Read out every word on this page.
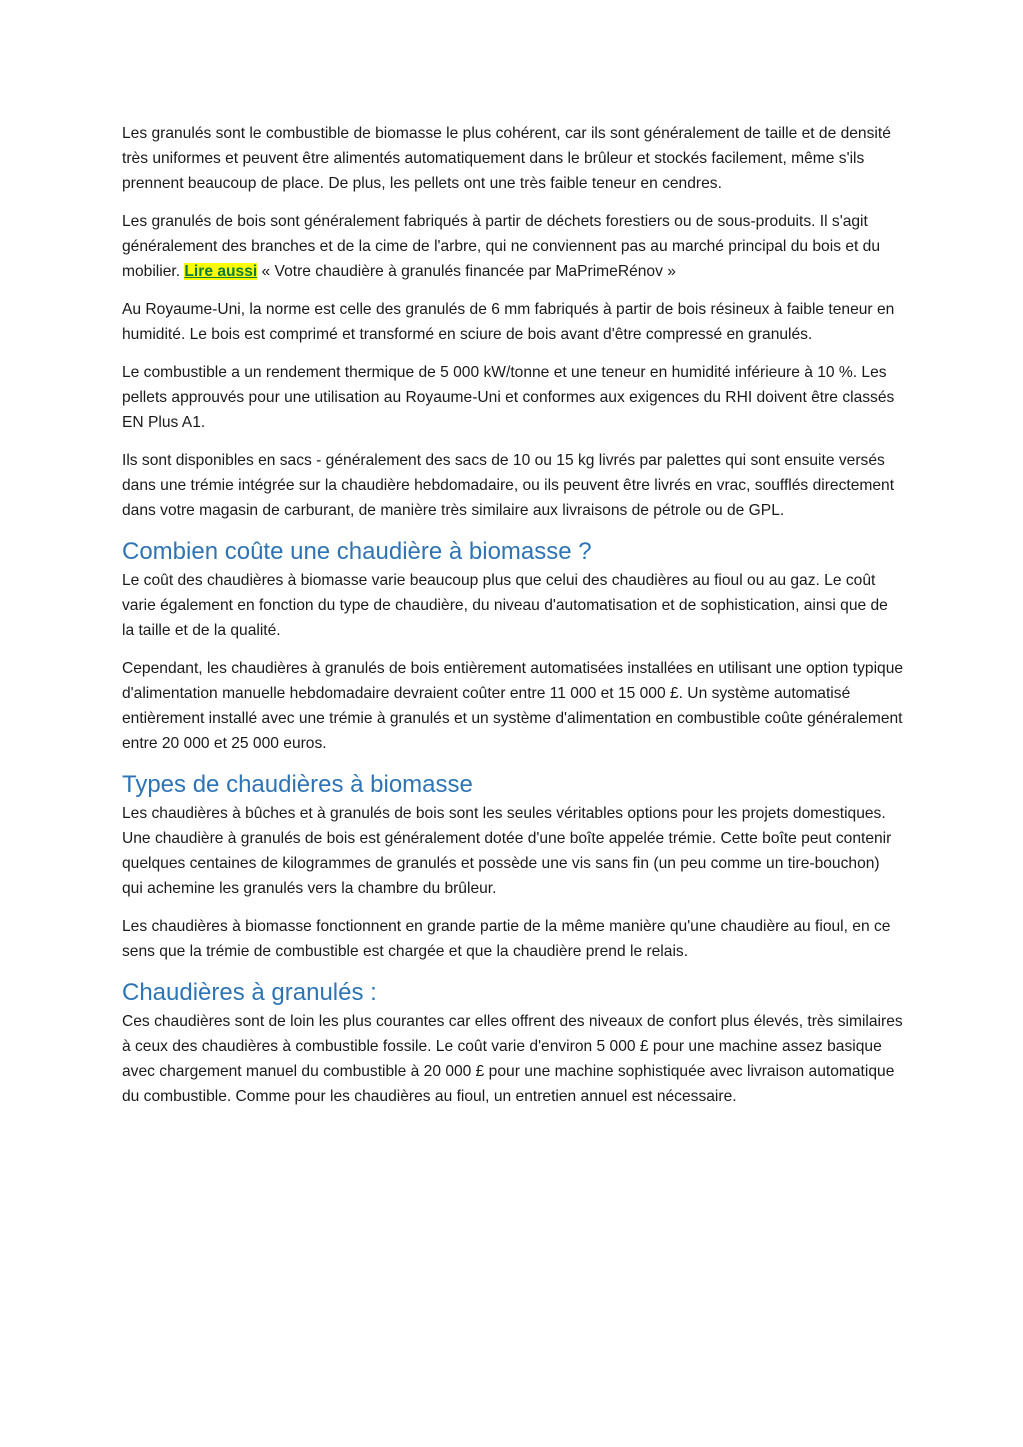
Les granulés sont le combustible de biomasse le plus cohérent, car ils sont généralement de taille et de densité très uniformes et peuvent être alimentés automatiquement dans le brûleur et stockés facilement, même s'ils prennent beaucoup de place. De plus, les pellets ont une très faible teneur en cendres.

Les granulés de bois sont généralement fabriqués à partir de déchets forestiers ou de sous-produits. Il s'agit généralement des branches et de la cime de l'arbre, qui ne conviennent pas au marché principal du bois et du mobilier. Lire aussi « Votre chaudière à granulés financée par MaPrimeRénov »

Au Royaume-Uni, la norme est celle des granulés de 6 mm fabriqués à partir de bois résineux à faible teneur en humidité. Le bois est comprimé et transformé en sciure de bois avant d'être compressé en granulés.

Le combustible a un rendement thermique de 5 000 kW/tonne et une teneur en humidité inférieure à 10 %. Les pellets approuvés pour une utilisation au Royaume-Uni et conformes aux exigences du RHI doivent être classés EN Plus A1.

Ils sont disponibles en sacs - généralement des sacs de 10 ou 15 kg livrés par palettes qui sont ensuite versés dans une trémie intégrée sur la chaudière hebdomadaire, ou ils peuvent être livrés en vrac, soufflés directement dans votre magasin de carburant, de manière très similaire aux livraisons de pétrole ou de GPL.

Combien coûte une chaudière à biomasse ?

Le coût des chaudières à biomasse varie beaucoup plus que celui des chaudières au fioul ou au gaz. Le coût varie également en fonction du type de chaudière, du niveau d'automatisation et de sophistication, ainsi que de la taille et de la qualité.

Cependant, les chaudières à granulés de bois entièrement automatisées installées en utilisant une option typique d'alimentation manuelle hebdomadaire devraient coûter entre 11 000 et 15 000 £. Un système automatisé entièrement installé avec une trémie à granulés et un système d'alimentation en combustible coûte généralement entre 20 000 et 25 000 euros.

Types de chaudières à biomasse

Les chaudières à bûches et à granulés de bois sont les seules véritables options pour les projets domestiques. Une chaudière à granulés de bois est généralement dotée d'une boîte appelée trémie. Cette boîte peut contenir quelques centaines de kilogrammes de granulés et possède une vis sans fin (un peu comme un tire-bouchon) qui achemine les granulés vers la chambre du brûleur.

Les chaudières à biomasse fonctionnent en grande partie de la même manière qu'une chaudière au fioul, en ce sens que la trémie de combustible est chargée et que la chaudière prend le relais.

Chaudières à granulés :

Ces chaudières sont de loin les plus courantes car elles offrent des niveaux de confort plus élevés, très similaires à ceux des chaudières à combustible fossile. Le coût varie d'environ 5 000 £ pour une machine assez basique avec chargement manuel du combustible à 20 000 £ pour une machine sophistiquée avec livraison automatique du combustible. Comme pour les chaudières au fioul, un entretien annuel est nécessaire.
